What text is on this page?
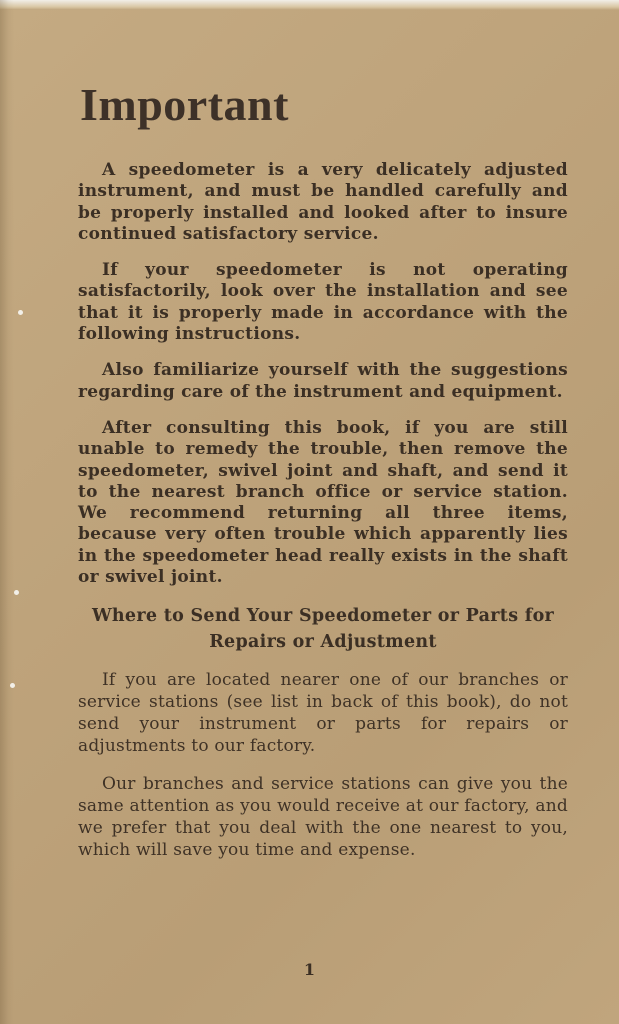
Important

A speedometer is a very delicately adjusted instrument, and must be handled carefully and be properly installed and looked after to insure continued satisfactory service.

If your speedometer is not operating satisfactorily, look over the installation and see that it is properly made in accordance with the following instructions.

Also familiarize yourself with the suggestions regarding care of the instrument and equipment.

After consulting this book, if you are still unable to remedy the trouble, then remove the speedometer, swivel joint and shaft, and send it to the nearest branch office or service station. We recommend returning all three items, because very often trouble which apparently lies in the speedometer head really exists in the shaft or swivel joint.

Where to Send Your Speedometer or Parts for Repairs or Adjustment

If you are located nearer one of our branches or service stations (see list in back of this book), do not send your instrument or parts for repairs or adjustments to our factory.

Our branches and service stations can give you the same attention as you would receive at our factory, and we prefer that you deal with the one nearest to you, which will save you time and expense.

1
